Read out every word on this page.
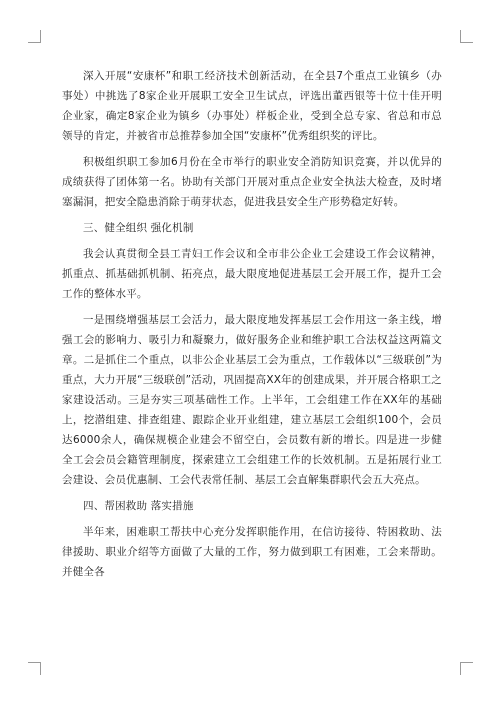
深入开展“安康杯”和职工经济技术创新活动，在全县7个重点工业镇乡（办事处）中挑选了8家企业开展职工安全卫生试点，评选出董西银等十位十佳开明企业家，确定8家企业为镇乡（办事处）样板企业，受到全总专家、省总和市总领导的肯定，并被省市总推荐参加全国“安康杯”优秀组织奖的评比。

积极组织职工参加6月份在全市举行的职业安全消防知识竞赛，并以优异的成绩获得了团体第一名。协助有关部门开展对重点企业安全执法大检查，及时堵塞漏洞，把安全隐患消除于萌芽状态，促进我县安全生产形势稳定好转。

三、健全组织 强化机制

我会认真贯彻全县工青妇工作会议和全市非公企业工会建设工作会议精神，抓重点、抓基础抓机制、拓亮点，最大限度地促进基层工会开展工作，提升工会工作的整体水平。

一是围绕增强基层工会活力，最大限度地发挥基层工会作用这一条主线，增强工会的影响力、吸引力和凝聚力，做好服务企业和维护职工合法权益这两篇文章。二是抓住二个重点，以非公企业基层工会为重点，工作载体以“三级联创”为重点，大力开展“三级联创”活动，巩固提高XX年的创建成果，并开展合格职工之家建设活动。三是夯实三项基础性工作。上半年，工会组建工作在XX年的基础上，挖潜组建、排查组建、跟踪企业开业组建，建立基层工会组织100个，会员达6000余人，确保规模企业建会不留空白，会员数有新的增长。四是进一步健全工会会员会籍管理制度，探索建立工会组建工作的长效机制。五是拓展行业工会建设、会员优惠制、工会代表常任制、基层工会直解集群职代会五大亮点。

四、帮困救助 落实措施

半年来，困难职工帮扶中心充分发挥职能作用，在信访接待、特困救助、法律援助、职业介绍等方面做了大量的工作，努力做到职工有困难，工会来帮助。并健全各
